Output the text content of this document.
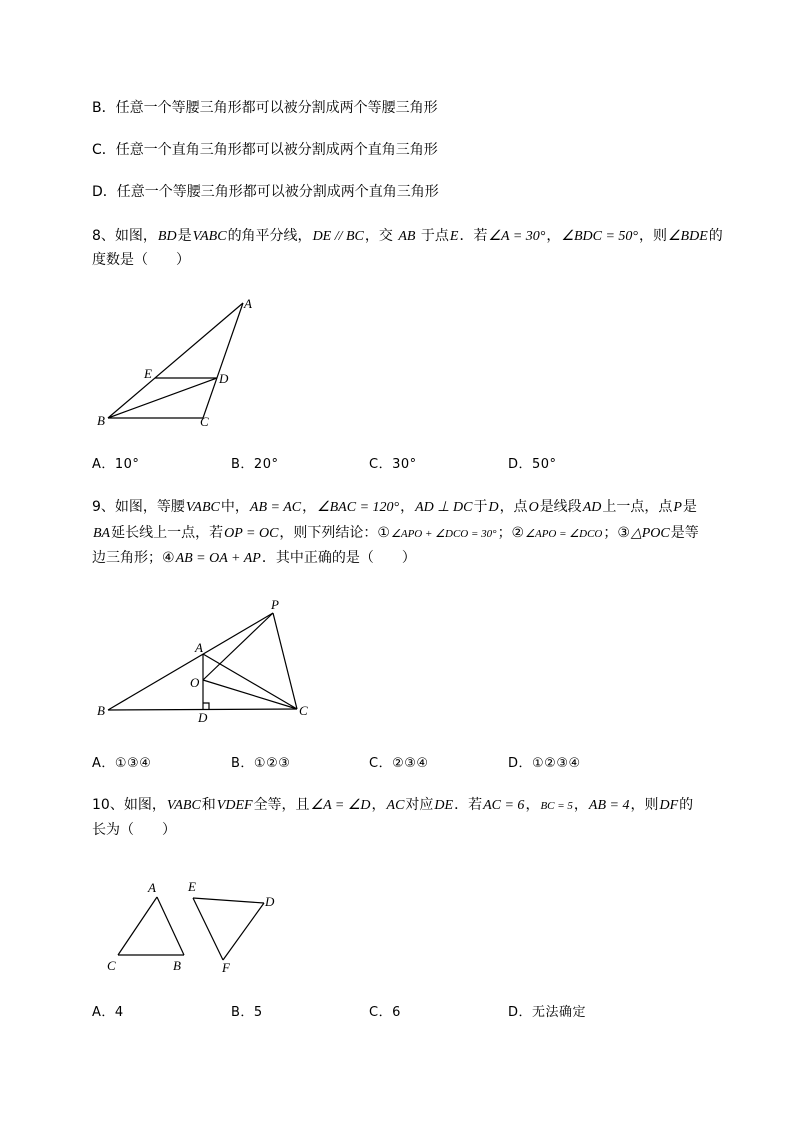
B．任意一个等腰三角形都可以被分割成两个等腰三角形
C．任意一个直角三角形都可以被分割成两个直角三角形
D．任意一个等腰三角形都可以被分割成两个直角三角形
8、如图，BD是VABC的角平分线，DE // BC，交 AB 于点E．若∠A = 30°，∠BDC = 50°，则∠BDE的
度数是（　　）
A．10°	B．20°	C．30°	D．50°
9、如图，等腰VABC中，AB = AC，∠BAC = 120°，AD ⊥ DC于D，点O是线段AD上一点，点P是
BA延长线上一点，若OP = OC，则下列结论：①∠APO + ∠DCO = 30°；②∠APO = ∠DCO；③△POC是等
边三角形；④AB = OA + AP．其中正确的是（　　）
A．①③④	B．①②③	C．②③④	D．①②③④
10、如图，VABC和VDEF全等，且∠A = ∠D，AC对应DE．若AC = 6，BC = 5，AB = 4，则DF的
长为（　　）
A．4	B．5	C．6	D．无法确定
A
E	D
B	C
P
A
O
B	D	C
A
C	B
E
D
F
